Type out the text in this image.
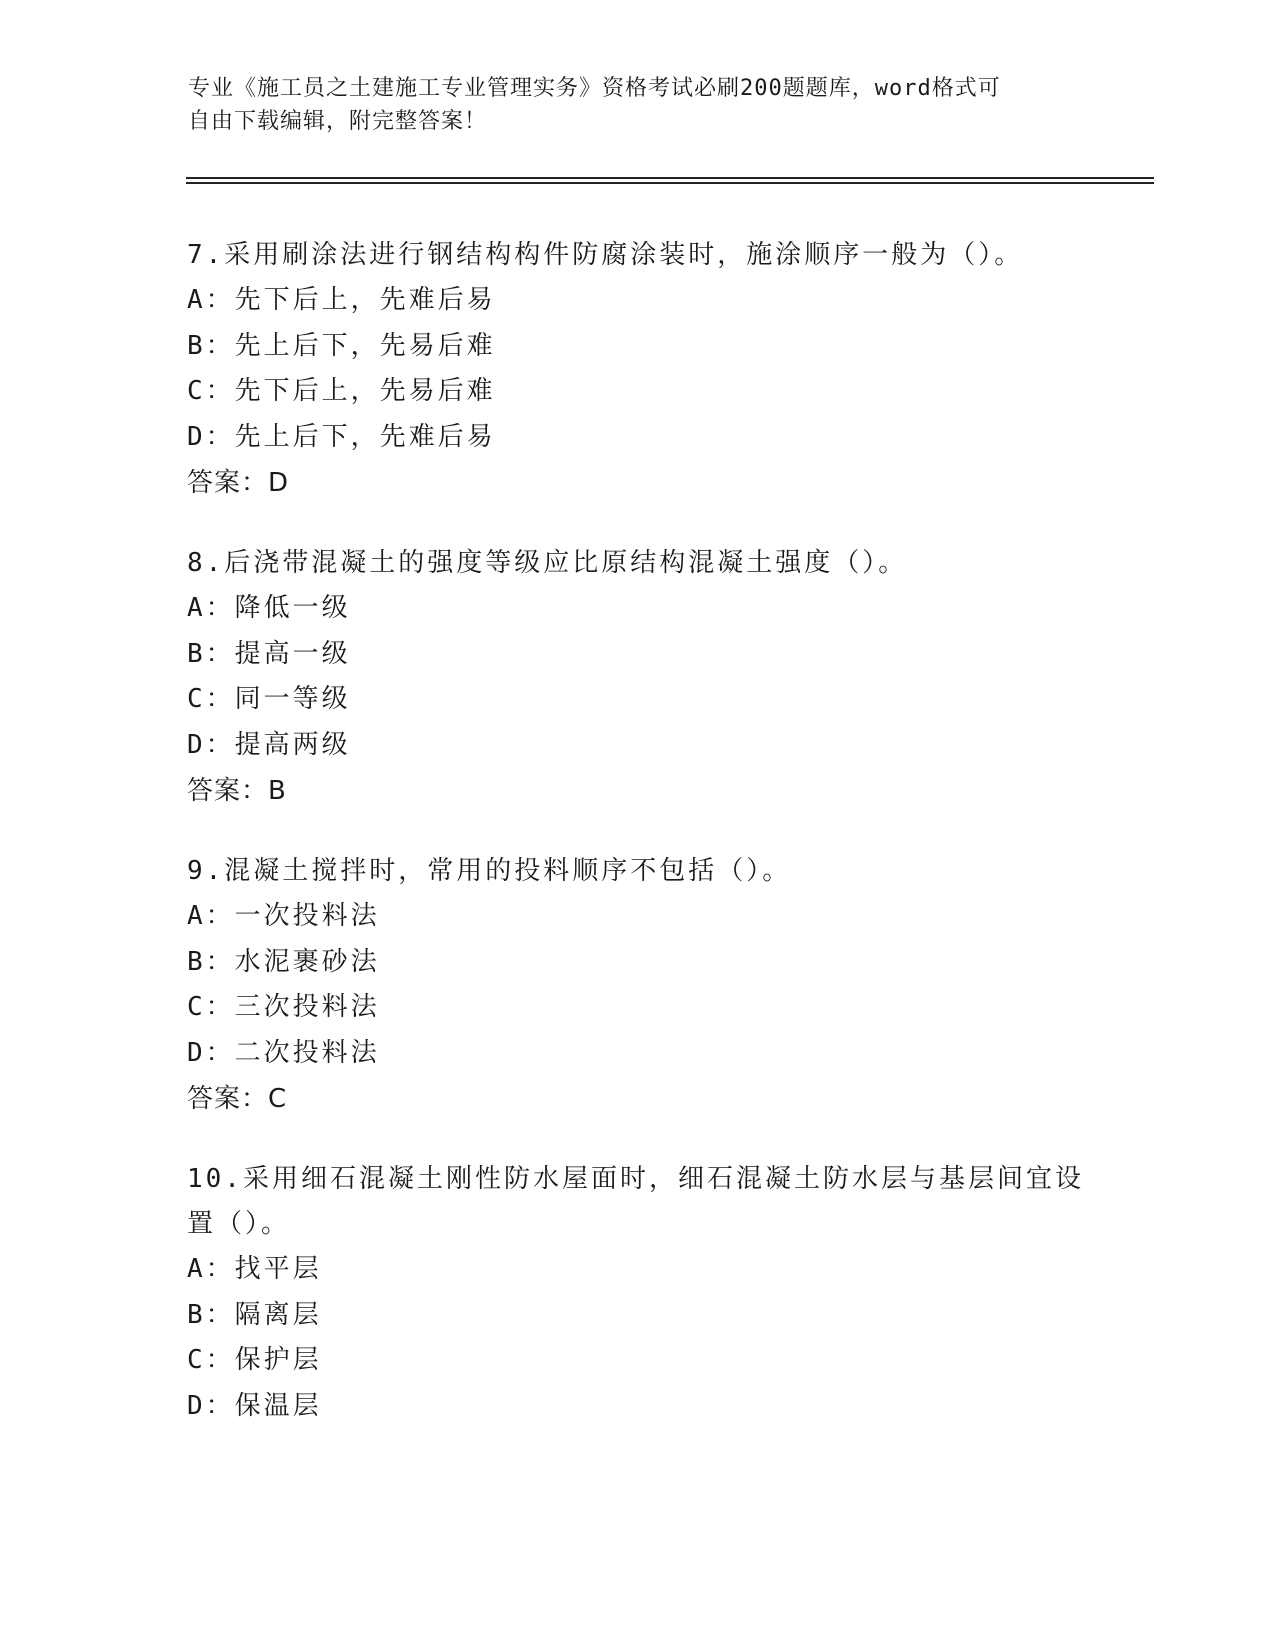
专业《施工员之土建施工专业管理实务》资格考试必刷200题题库，word格式可
自由下载编辑，附完整答案！

7.采用刷涂法进行钢结构构件防腐涂装时，施涂顺序一般为（）。

A：先下后上，先难后易

B：先上后下，先易后难

C：先下后上，先易后难

D：先上后下，先难后易

答案：D

8.后浇带混凝土的强度等级应比原结构混凝土强度（）。

A：降低一级

B：提高一级

C：同一等级

D：提高两级

答案：B

9.混凝土搅拌时，常用的投料顺序不包括（）。

A：一次投料法

B：水泥裹砂法

C：三次投料法

D：二次投料法

答案：C

10.采用细石混凝土刚性防水屋面时，细石混凝土防水层与基层间宜设置（）。

A：找平层

B：隔离层

C：保护层

D：保温层
